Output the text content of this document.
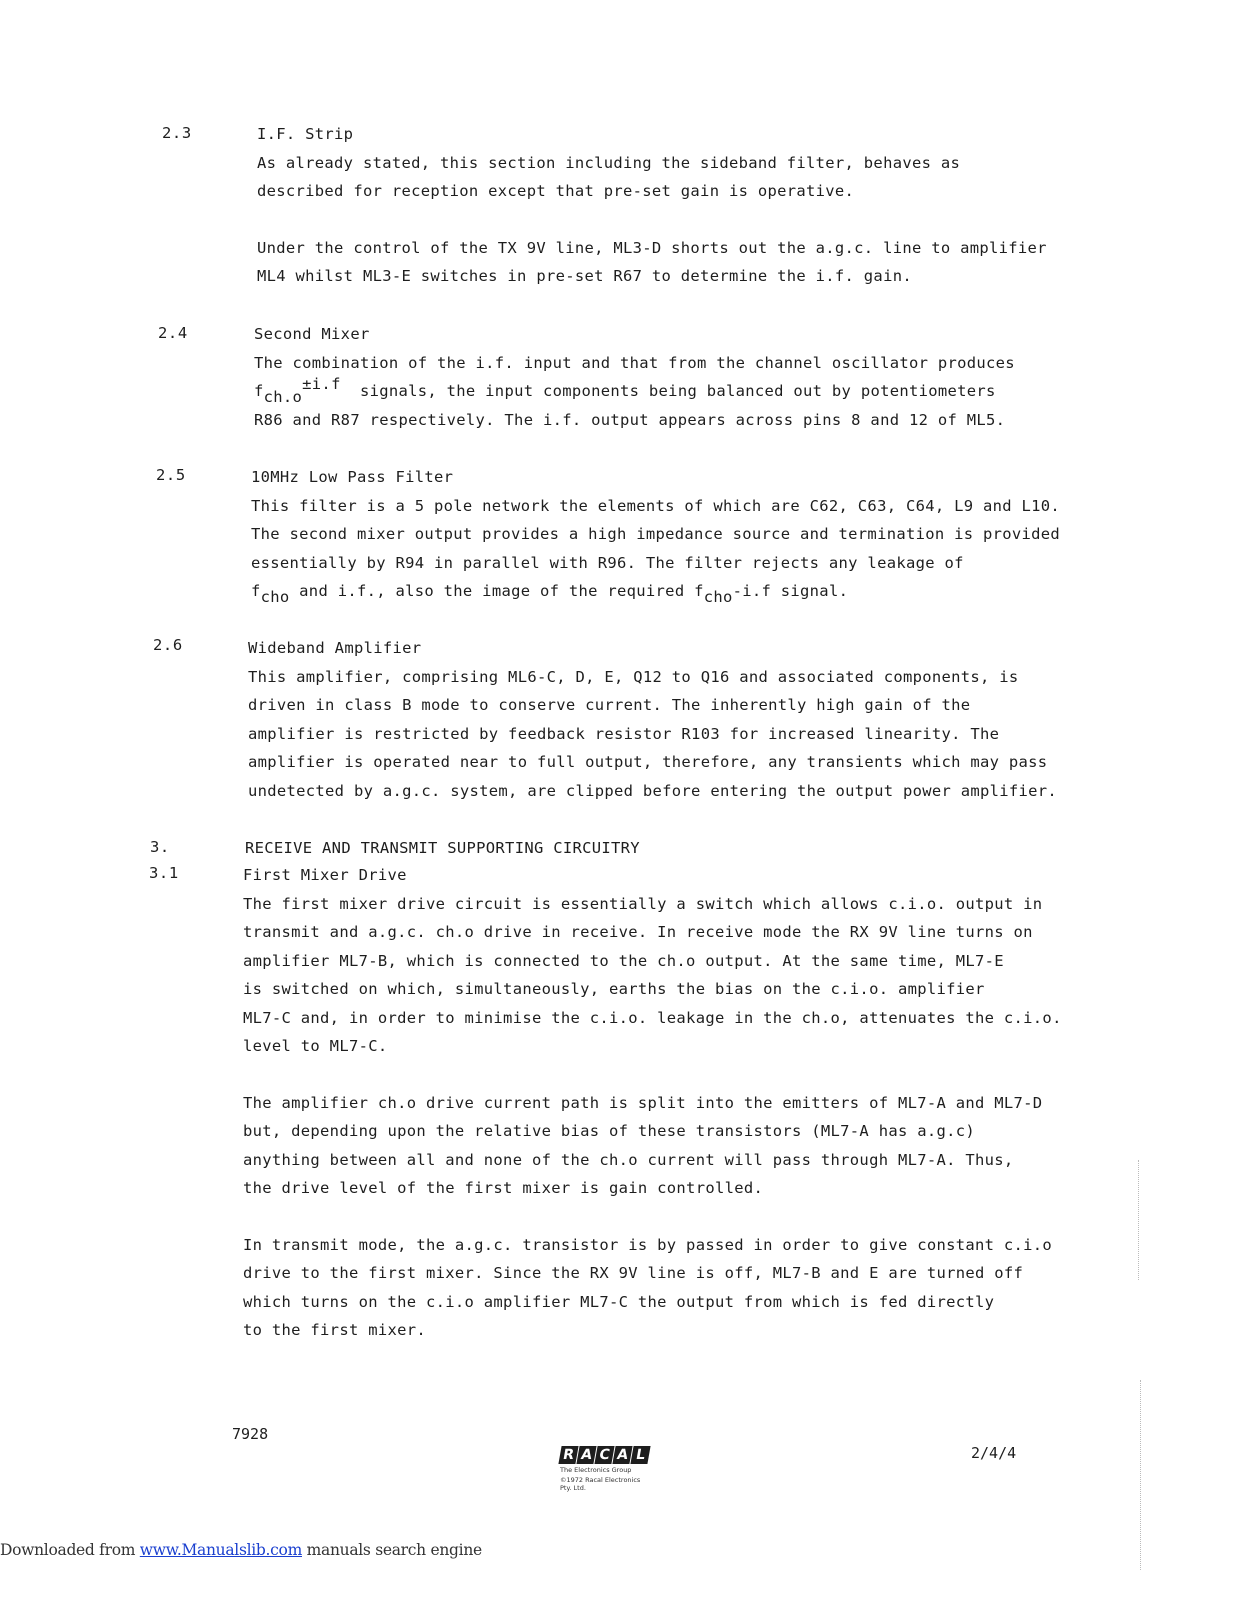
2.3	I.F. Strip
As already stated, this section including the sideband filter, behaves as
described for reception except that pre-set gain is operative.
Under the control of the TX 9V line, ML3-D shorts out the a.g.c. line to amplifier
ML4 whilst ML3-E switches in pre-set R67 to determine the i.f. gain.
2.4	Second Mixer
The combination of the i.f. input and that from the channel oscillator produces
fch.o±i.f  signals, the input components being balanced out by potentiometers
R86 and R87 respectively. The i.f. output appears across pins 8 and 12 of ML5.
2.5	10MHz Low Pass Filter
This filter is a 5 pole network the elements of which are C62, C63, C64, L9 and L10.
The second mixer output provides a high impedance source and termination is provided
essentially by R94 in parallel with R96. The filter rejects any leakage of
fcho and i.f., also the image of the required fcho-i.f signal.
2.6	Wideband Amplifier
This amplifier, comprising ML6-C, D, E, Q12 to Q16 and associated components, is
driven in class B mode to conserve current. The inherently high gain of the
amplifier is restricted by feedback resistor R103 for increased linearity. The
amplifier is operated near to full output, therefore, any transients which may pass
undetected by a.g.c. system, are clipped before entering the output power amplifier.
3.	RECEIVE AND TRANSMIT SUPPORTING CIRCUITRY
3.1	First Mixer Drive
The first mixer drive circuit is essentially a switch which allows c.i.o. output in
transmit and a.g.c. ch.o drive in receive. In receive mode the RX 9V line turns on
amplifier ML7-B, which is connected to the ch.o output. At the same time, ML7-E
is switched on which, simultaneously, earths the bias on the c.i.o. amplifier
ML7-C and, in order to minimise the c.i.o. leakage in the ch.o, attenuates the c.i.o.
level to ML7-C.
The amplifier ch.o drive current path is split into the emitters of ML7-A and ML7-D
but, depending upon the relative bias of these transistors (ML7-A has a.g.c)
anything between all and none of the ch.o current will pass through ML7-A. Thus,
the drive level of the first mixer is gain controlled.
In transmit mode, the a.g.c. transistor is by passed in order to give constant c.i.o
drive to the first mixer. Since the RX 9V line is off, ML7-B and E are turned off
which turns on the c.i.o amplifier ML7-C the output from which is fed directly
to the first mixer.
7928
2/4/4
R A C A L
The Electronics Group
©1972 Racal Electronics Pty. Ltd.
Downloaded from www.Manualslib.com manuals search engine
